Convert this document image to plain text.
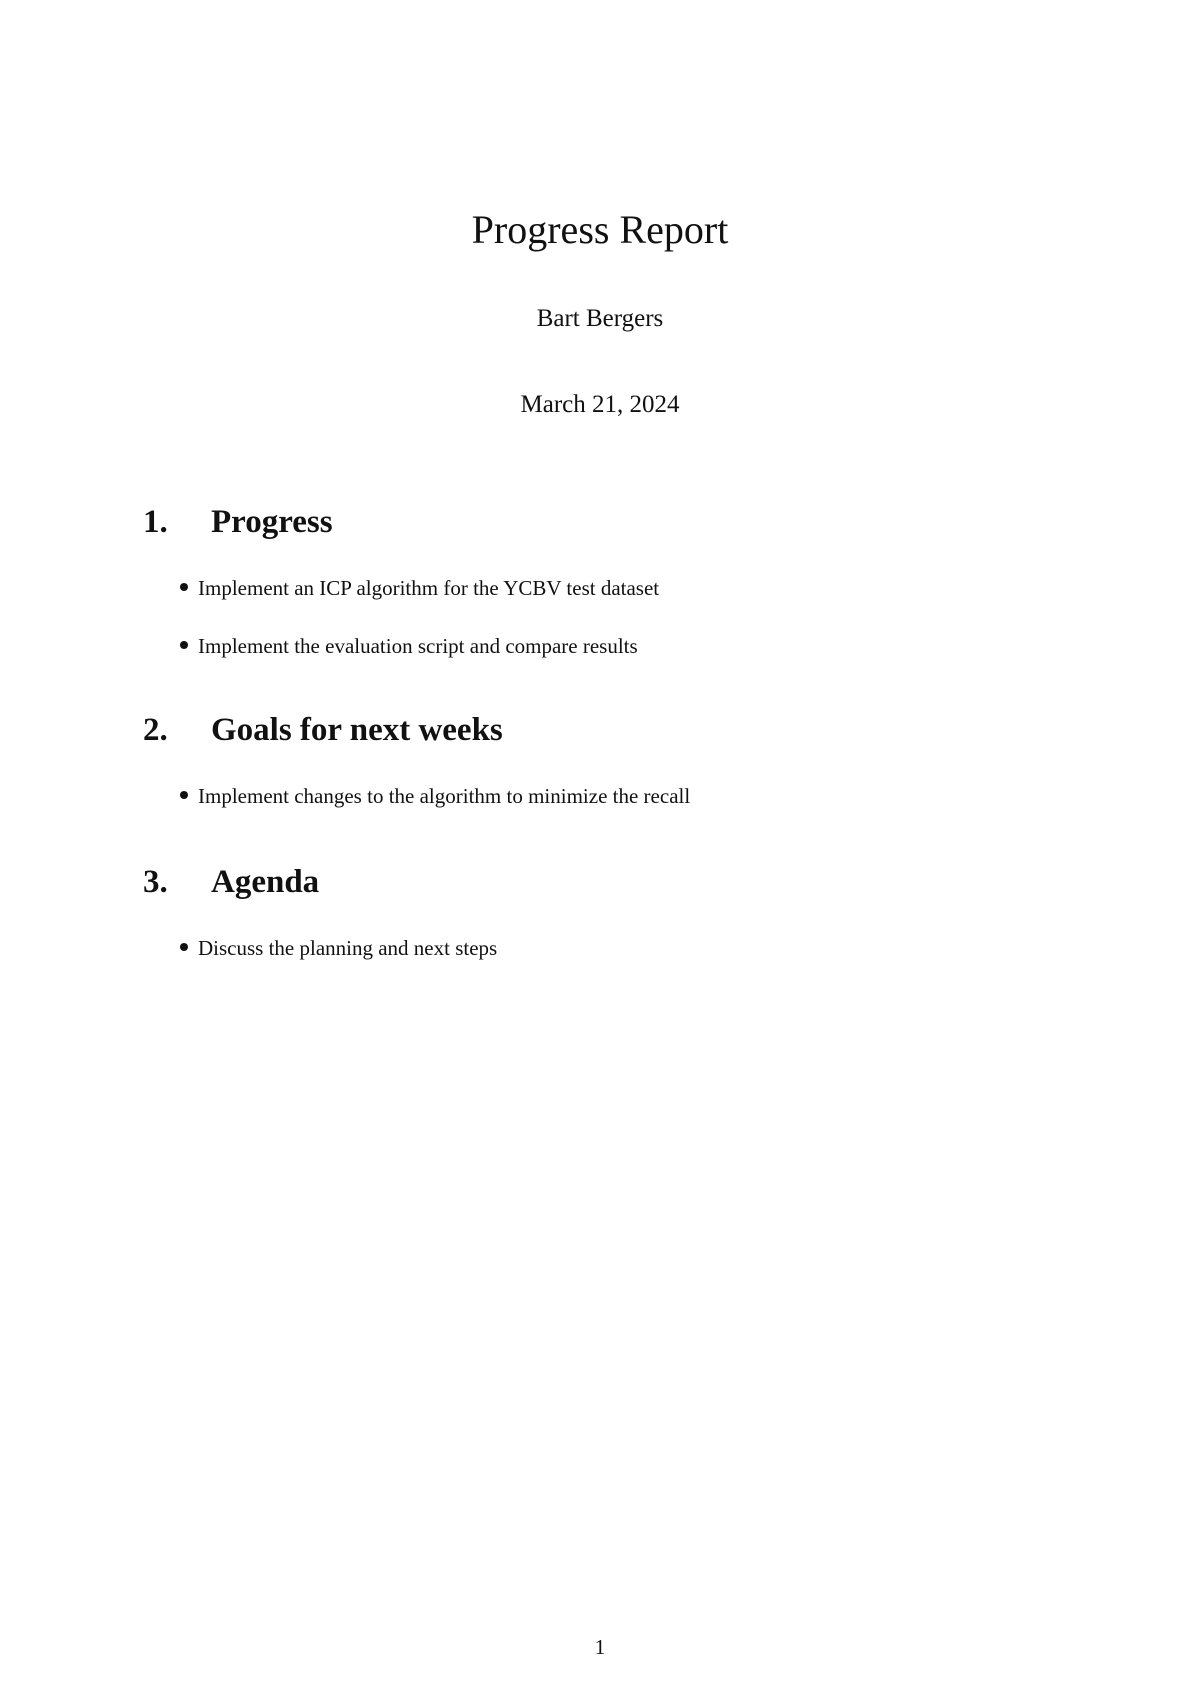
Progress Report

Bart Bergers

March 21, 2024

1.	Progress
Implement an ICP algorithm for the YCBV test dataset
Implement the evaluation script and compare results
2.	Goals for next weeks
Implement changes to the algorithm to minimize the recall
3.	Agenda
Discuss the planning and next steps

1
